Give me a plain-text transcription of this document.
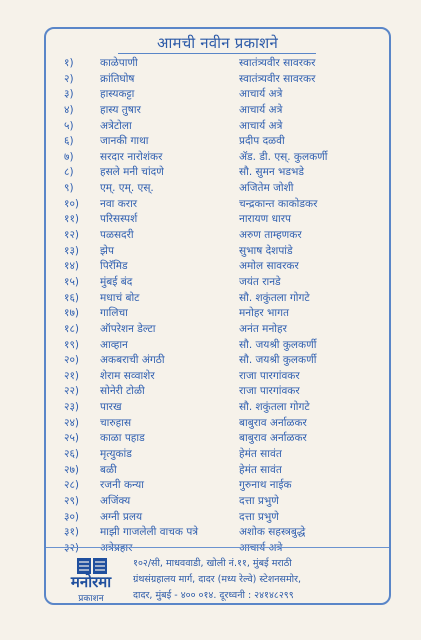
आमची नवीन प्रकाशने
१)	काळेपाणी	स्वातंत्र्यवीर सावरकर
२)	क्रांतिघोष	स्वातंत्र्यवीर सावरकर
३)	हास्यकट्टा	आचार्य अत्रे
४)	हास्य तुषार	आचार्य अत्रे
५)	अत्रेटोला	आचार्य अत्रे
६)	जानकी गाथा	प्रदीप दळवी
७)	सरदार नारोशंकर	ॲड. डी. एस्. कुलकर्णी
८)	हसले मनी चांदणे	सौ. सुमन भडभडे
९)	एम्. एम्. एस्.	अजितेम जोशी
१०)	नवा करार	चन्द्रकान्त काकोडकर
११)	परिसस्पर्श	नारायण धारप
१२)	पळसदरी	अरुण ताम्हणकर
१३)	झेप	सुभाष देशपांडे
१४)	पिरॅमिड	अमोल सावरकर
१५)	मुंबई बंद	जयंत रानडे
१६)	मधाचं बोट	सौ. शकुंतला गोगटे
१७)	गालिचा	मनोहर भागत
१८)	ऑपरेशन डेल्टा	अनंत मनोहर
१९)	आव्हान	सौ. जयश्री कुलकर्णी
२०)	अकबराची अंगठी	सौ. जयश्री कुलकर्णी
२१)	शेराम सव्वाशेर	राजा पारगांवकर
२२)	सोनेरी टोळी	राजा पारगांवकर
२३)	पारख	सौ. शकुंतला गोगटे
२४)	चारुहास	बाबुराव अर्नाळकर
२५)	काळा पहाड	बाबुराव अर्नाळकर
२६)	मृत्युकांड	हेमंत सावंत
२७)	बळी	हेमंत सावंत
२८)	रजनी कन्या	गुरुनाथ नाईक
२९)	अजिंक्य	दत्ता प्रभुणे
३०)	अग्नी प्रलय	दत्ता प्रभुणे
३१)	माझी गाजलेली वाचक पत्रे	अशोक सहस्त्रबुद्धे
३२)	अत्रेप्रहार	आचार्य अत्रे
मनोरमा
प्रकाशन
१०२/सी, माधववाडी, खोली नं.११, मुंबई मराठी
ग्रंथसंग्रहालय मार्ग, दादर (मध्य रेल्वे) स्टेशनसमोर,
दादर, मुंबई - ४०० ०१४. दूरध्वनी : २४१४८२९९
